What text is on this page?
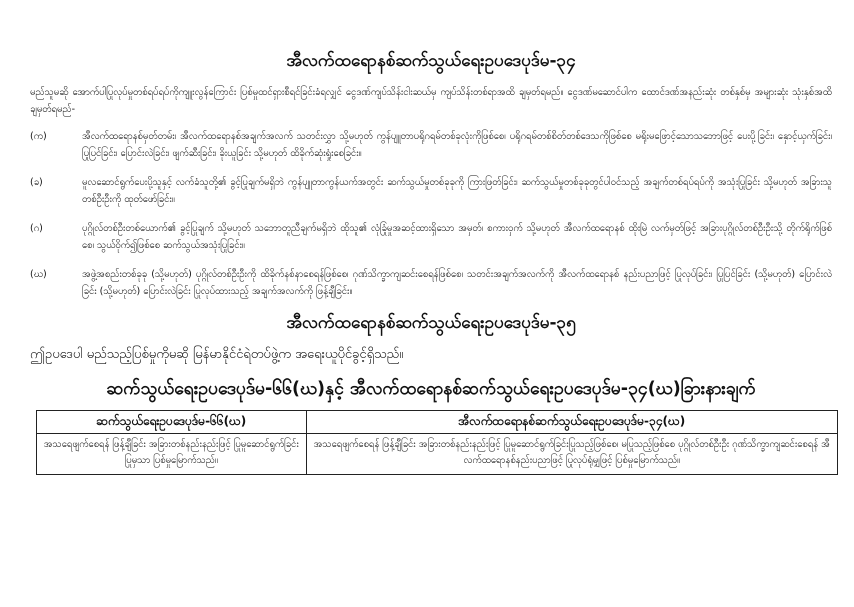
အီလက်ထရောနစ်ဆက်သွယ်ရေးဥပဒေပုဒ်မ-၃၄

မည်သူမဆို အောက်ပါပြုလုပ်မှုတစ်ရပ်ရပ်ကိုကျူးလွန်ကြောင်း ပြစ်မှုထင်ရှားစီရင်ခြင်းခံရလျှင် ငွေဒဏ်ကျပ်သိန်းငါးဆယ်မှ ကျပ်သိန်းတစ်ရာအထိ ချမှတ်ရမည်။ ငွေဒဏ်မဆောင်ပါက ထောင်ဒဏ်အနည်းဆုံး တစ်နှစ်မှ အများဆုံး သုံးနှစ်အထိ ချမှတ်ရမည်-

(က)	အီလက်ထရောနစ်မှတ်တမ်း၊ အီလက်ထရောနစ်အချက်အလက် သတင်းလွှာ သို့မဟုတ် ကွန်ပျူတာပရိုဂရမ်တစ်ခုလုံးကိုဖြစ်စေ၊ ပရိုဂရမ်တစ်စိတ်တစ်ဒေသကိုဖြစ်စေ မရိုးမဖြောင့်သောသဘောဖြင့် ပေးပို့ခြင်း၊ နှောင့်ယှက်ခြင်း၊ ပြုပြင်ခြင်း၊ ပြောင်းလဲခြင်း၊ ဖျက်ဆီးခြင်း၊ ခိုးယူခြင်း သို့မဟုတ် ထိခိုက်ဆုံးရှုံးစေခြင်း။
(ခ)	မူလဆောင်ရွက်ပေးပို့သူနှင့် လက်ခံသူတို့၏ ခွင့်ပြုချက်မရှိဘဲ ကွန်ပျူတာကွန်ယက်အတွင်း ဆက်သွယ်မှုတစ်ခုခုကို ကြားဖြတ်ခြင်း၊ ဆက်သွယ်မှုတစ်ခုခုတွင်ပါဝင်သည့် အချက်တစ်ရပ်ရပ်ကို အသုံးပြုခြင်း သို့မဟုတ် အခြားသူတစ်ဦးဦးကို ထုတ်ဖော်ခြင်း။
(ဂ)	ပုဂ္ဂိုလ်တစ်ဦးတစ်ယောက်၏ ခွင့်ပြုချက် သို့မဟုတ် သဘောတူညီချက်မရှိဘဲ ထိုသူ၏ လုံခြုံမှုအဆင့်ထားရှိသော အမှတ်၊ စကားဝှက် သို့မဟုတ် အီလက်ထရောနစ် ထိုးမြဲ လက်မှတ်ဖြင့် အခြားပုဂ္ဂိုလ်တစ်ဦးဦးသို့ တိုက်ရိုက်ဖြစ်စေ၊ သွယ်ဝိုက်၍ဖြစ်စေ ဆက်သွယ်အသုံးပြုခြင်း။
(ဃ)	အဖွဲ့အစည်းတစ်ခုခု (သို့မဟုတ်) ပုဂ္ဂိုလ်တစ်ဦးဦးကို ထိခိုက်နစ်နာစေရန်ဖြစ်စေ၊ ဂုဏ်သိက္ခာကျဆင်းစေရန်ဖြစ်စေ၊ သတင်းအချက်အလက်ကို အီလက်ထရောနစ် နည်းပညာဖြင့် ပြုလုပ်ခြင်း၊ ပြုပြင်ခြင်း (သို့မဟုတ်) ပြောင်းလဲခြင်း (သို့မဟုတ်) ပြောင်းလဲခြင်း ပြုလုပ်ထားသည့် အချက်အလက်ကို ဖြန့်ချီခြင်း။
အီလက်ထရောနစ်ဆက်သွယ်ရေးဥပဒေပုဒ်မ-၃၅

ဤဥပဒေပါ မည်သည့်ပြစ်မှုကိုမဆို မြန်မာနိုင်ငံရဲတပ်ဖွဲ့က အရေးယူပိုင်ခွင့်ရှိသည်။

ဆက်သွယ်ရေးဥပဒေပုဒ်မ-၆၆(ဃ)နှင့် အီလက်ထရောနစ်ဆက်သွယ်ရေးဥပဒေပုဒ်မ-၃၄(ဃ)ခြားနားချက်
ဆက်သွယ်ရေးဥပဒေပုဒ်မ-၆၆(ဃ)	အီလက်ထရောနစ်ဆက်သွယ်ရေးဥပဒေပုဒ်မ-၃၄(ဃ)
အသရေဖျက်စေရန် ဖြန့်ချီခြင်း အခြားတစ်နည်းနည်းဖြင့် ပြုမူဆောင်ရွက်ခြင်းပြုမှသာ ပြစ်မှုမြောက်သည်။	အသရေဖျက်စေရန် ဖြန့်ချီခြင်း အခြားတစ်နည်းနည်းဖြင့် ပြုမူဆောင်ရွက်ခြင်းပြုသည့်ဖြစ်စေ၊ မပြုသည့်ဖြစ်စေ ပုဂ္ဂိုလ်တစ်ဦးဦး ဂုဏ်သိက္ခာကျဆင်းစေရန် အီလက်ထရောနစ်နည်းပညာဖြင့် ပြုလုပ်ရုံမျှဖြင့် ပြစ်မှုမြောက်သည်။
